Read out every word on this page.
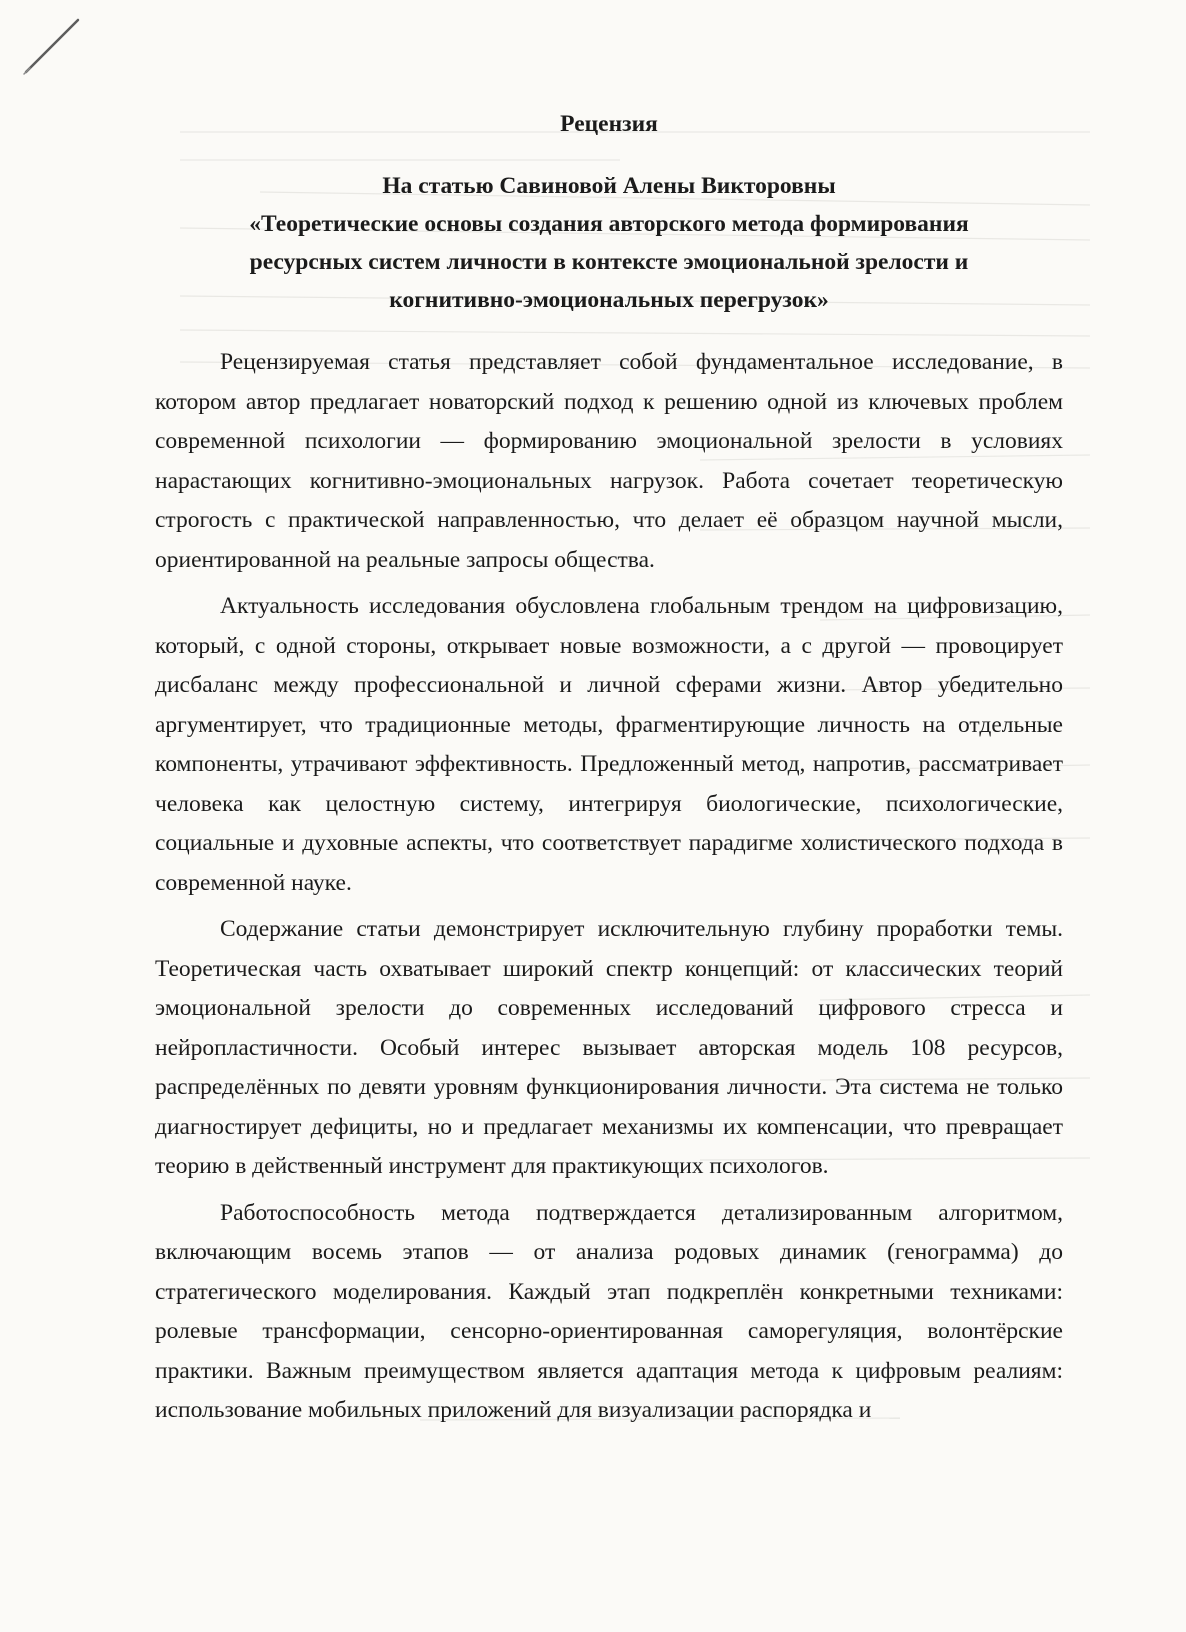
Рецензия

На статью Савиновой Алены Викторовны
«Теоретические основы создания авторского метода формирования
ресурсных систем личности в контексте эмоциональной зрелости и
когнитивно-эмоциональных перегрузок»

Рецензируемая статья представляет собой фундаментальное исследование, в котором автор предлагает новаторский подход к решению одной из ключевых проблем современной психологии — формированию эмоциональной зрелости в условиях нарастающих когнитивно-эмоциональных нагрузок. Работа сочетает теоретическую строгость с практической направленностью, что делает её образцом научной мысли, ориентированной на реальные запросы общества.

Актуальность исследования обусловлена глобальным трендом на цифровизацию, который, с одной стороны, открывает новые возможности, а с другой — провоцирует дисбаланс между профессиональной и личной сферами жизни. Автор убедительно аргументирует, что традиционные методы, фрагментирующие личность на отдельные компоненты, утрачивают эффективность. Предложенный метод, напротив, рассматривает человека как целостную систему, интегрируя биологические, психологические, социальные и духовные аспекты, что соответствует парадигме холистического подхода в современной науке.

Содержание статьи демонстрирует исключительную глубину проработки темы. Теоретическая часть охватывает широкий спектр концепций: от классических теорий эмоциональной зрелости до современных исследований цифрового стресса и нейропластичности. Особый интерес вызывает авторская модель 108 ресурсов, распределённых по девяти уровням функционирования личности. Эта система не только диагностирует дефициты, но и предлагает механизмы их компенсации, что превращает теорию в действенный инструмент для практикующих психологов.

Работоспособность метода подтверждается детализированным алгоритмом, включающим восемь этапов — от анализа родовых динамик (генограмма) до стратегического моделирования. Каждый этап подкреплён конкретными техниками: ролевые трансформации, сенсорно-ориентированная саморегуляция, волонтёрские практики. Важным преимуществом является адаптация метода к цифровым реалиям: использование мобильных приложений для визуализации распорядка и
